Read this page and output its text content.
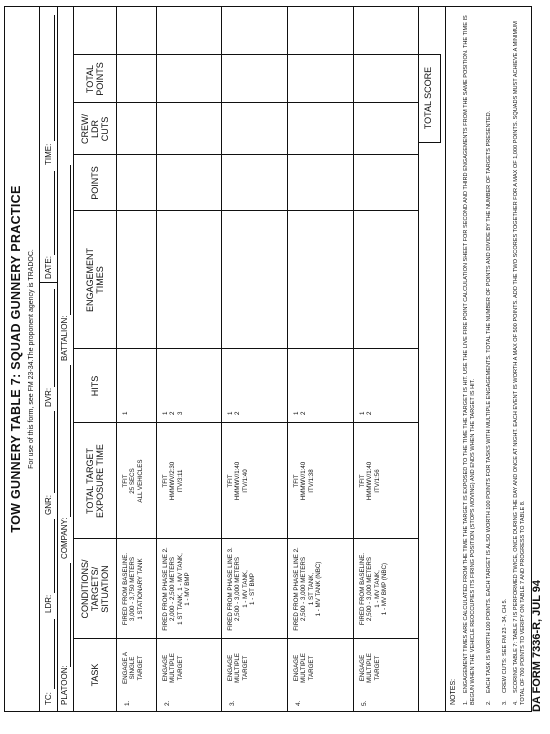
TOW GUNNERY TABLE 7: SQUAD GUNNERY PRACTICE For use of this form, see FM 23-34.The proponent agency is TRADOC.
TC:
LDR:
GNR:
DVR:
DATE:
TIME:
PLATOON:
COMPANY:
BATTALION:
TASK
CONDITIONS/
TARGETS/
SITUATION
TOTAL TARGET
EXPOSURE TIME
HITS
ENGAGEMENT
TIMES
POINTS
CREW/
LDR
CUTS
TOTAL
POINTS
1.
ENGAGE A
SINGLE
TARGET
FIRED FROM BASELINE.
3,000 - 3,750 METERS
1 STATIONARY TANK
TFIT
25 SECS
ALL VEHICLES
1
2.
ENGAGE
MULTIPLE
TARGET
FIRED FROM PHASE LINE 2.
2,000 - 2,500 METERS
1 ST TANK, 1 - MV TANK,
1 - MV BMP
TFIT
HMMWV/2:30
ITV/3:11
1
2
3
3.
ENGAGE
MULTIPLE
TARGET
FIRED FROM PHASE LINE 3.
2,500 - 3,000 METERS
1 - MV TANK,
1 - ST BMP
TFIT
HMMWV/1:40
ITV/1:40
1
2
4.
ENGAGE
MULTIPLE
TARGET
FIRED FROM PHASE LINE 2.
2,500 - 3,000 METERS
1 ST TANK,
1 - MV TANK (NBC)
TFIT
HMMWV/1:40
ITV/1:38
1
2
5.
ENGAGE
MULTIPLE
TARGET
FIRED FROM BASELINE.
2,500 - 3,000 METERS
1 - MV TANK,
1 - MV BMP (NBC)
TFIT
HMMWV/1:40
ITV/1:56
1
2
TOTAL SCORE
NOTES: 1.ENGAGEMENT TIMES ARE CALCULATED FROM THE TIME THE TARGET IS EXPOSED TO THE TIME THE TARGET IS HIT. USE THE LIVE FIRE POINT CALCULATION SHEET FOR SECOND AND THIRD ENGAGEMENTS FROM THE SAME POSITION. THE TIME IS BEGUN WHEN THE VEHICLE REOCCUPIES ITS FIRING POSITION (STOPS MOVING) AND ENDS WHEN THE TARGET IS HIT. 2.EACH TASK IS WORTH 100 POINTS. EACH TARGET IS ALSO WORTH 100 POINTS FOR TASKS WITH MULTIPLE ENGAGEMENTS. TOTAL THE NUMBER OF POINTS AND DIVIDE BY THE NUMBER OF TARGETS PRESENTED.
3.CREW CUTS: SEE FM 23 - 34, CH 5.
4.SCORING TABLE 7: TABLE 7 IS PERFORMED TWICE, ONCE DURING THE DAY AND ONCE AT NIGHT. EACH EVENT IS WORTH A MAX OF 500 POINTS. ADD THE TWO SCORES TOGETHER FOR A MAX OF 1,000 POINTS. SQUADS MUST ACHIEVE A MINIMUM TOTAL OF 700 POINTS TO VERIFY ON TABLE 7 AND PROGRESS TO TABLE 8. DA FORM 7336-R, JUL 94
